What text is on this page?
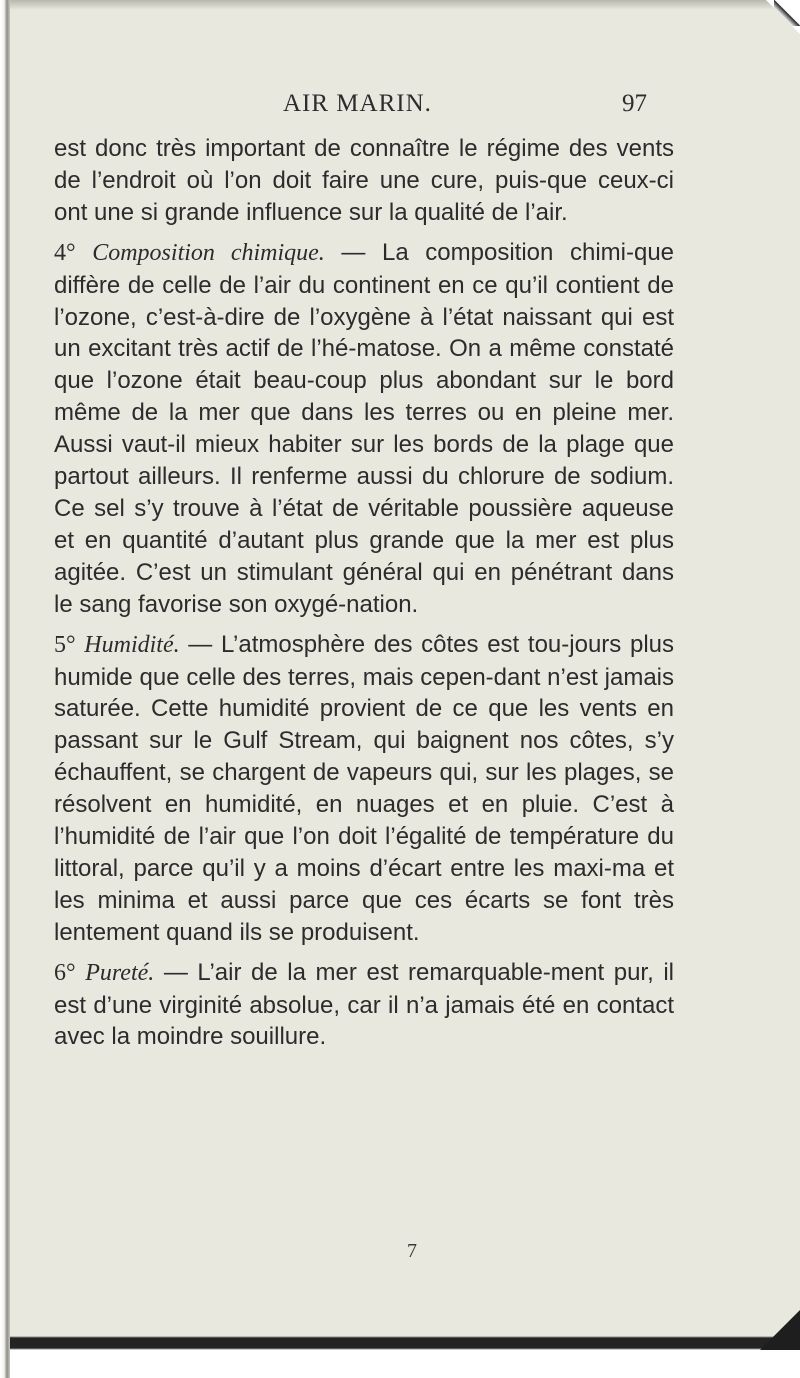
AIR MARIN.	97

est donc très important de connaître le régime des vents de l’endroit où l’on doit faire une cure, puis-que ceux-ci ont une si grande influence sur la qualité de l’air.

4° Composition chimique. — La composition chimi-que diffère de celle de l’air du continent en ce qu’il contient de l’ozone, c’est-à-dire de l’oxygène à l’état naissant qui est un excitant très actif de l’hé-matose. On a même constaté que l’ozone était beau-coup plus abondant sur le bord même de la mer que dans les terres ou en pleine mer. Aussi vaut-il mieux habiter sur les bords de la plage que partout ailleurs. Il renferme aussi du chlorure de sodium. Ce sel s’y trouve à l’état de véritable poussière aqueuse et en quantité d’autant plus grande que la mer est plus agitée. C’est un stimulant général qui en pénétrant dans le sang favorise son oxygé-nation.

5° Humidité. — L’atmosphère des côtes est tou-jours plus humide que celle des terres, mais cepen-dant n’est jamais saturée. Cette humidité provient de ce que les vents en passant sur le Gulf Stream, qui baignent nos côtes, s’y échauffent, se chargent de vapeurs qui, sur les plages, se résolvent en humidité, en nuages et en pluie. C’est à l’humidité de l’air que l’on doit l’égalité de température du littoral, parce qu’il y a moins d’écart entre les maxi-ma et les minima et aussi parce que ces écarts se font très lentement quand ils se produisent.

6° Pureté. — L’air de la mer est remarquable-ment pur, il est d’une virginité absolue, car il n’a jamais été en contact avec la moindre souillure.

7
